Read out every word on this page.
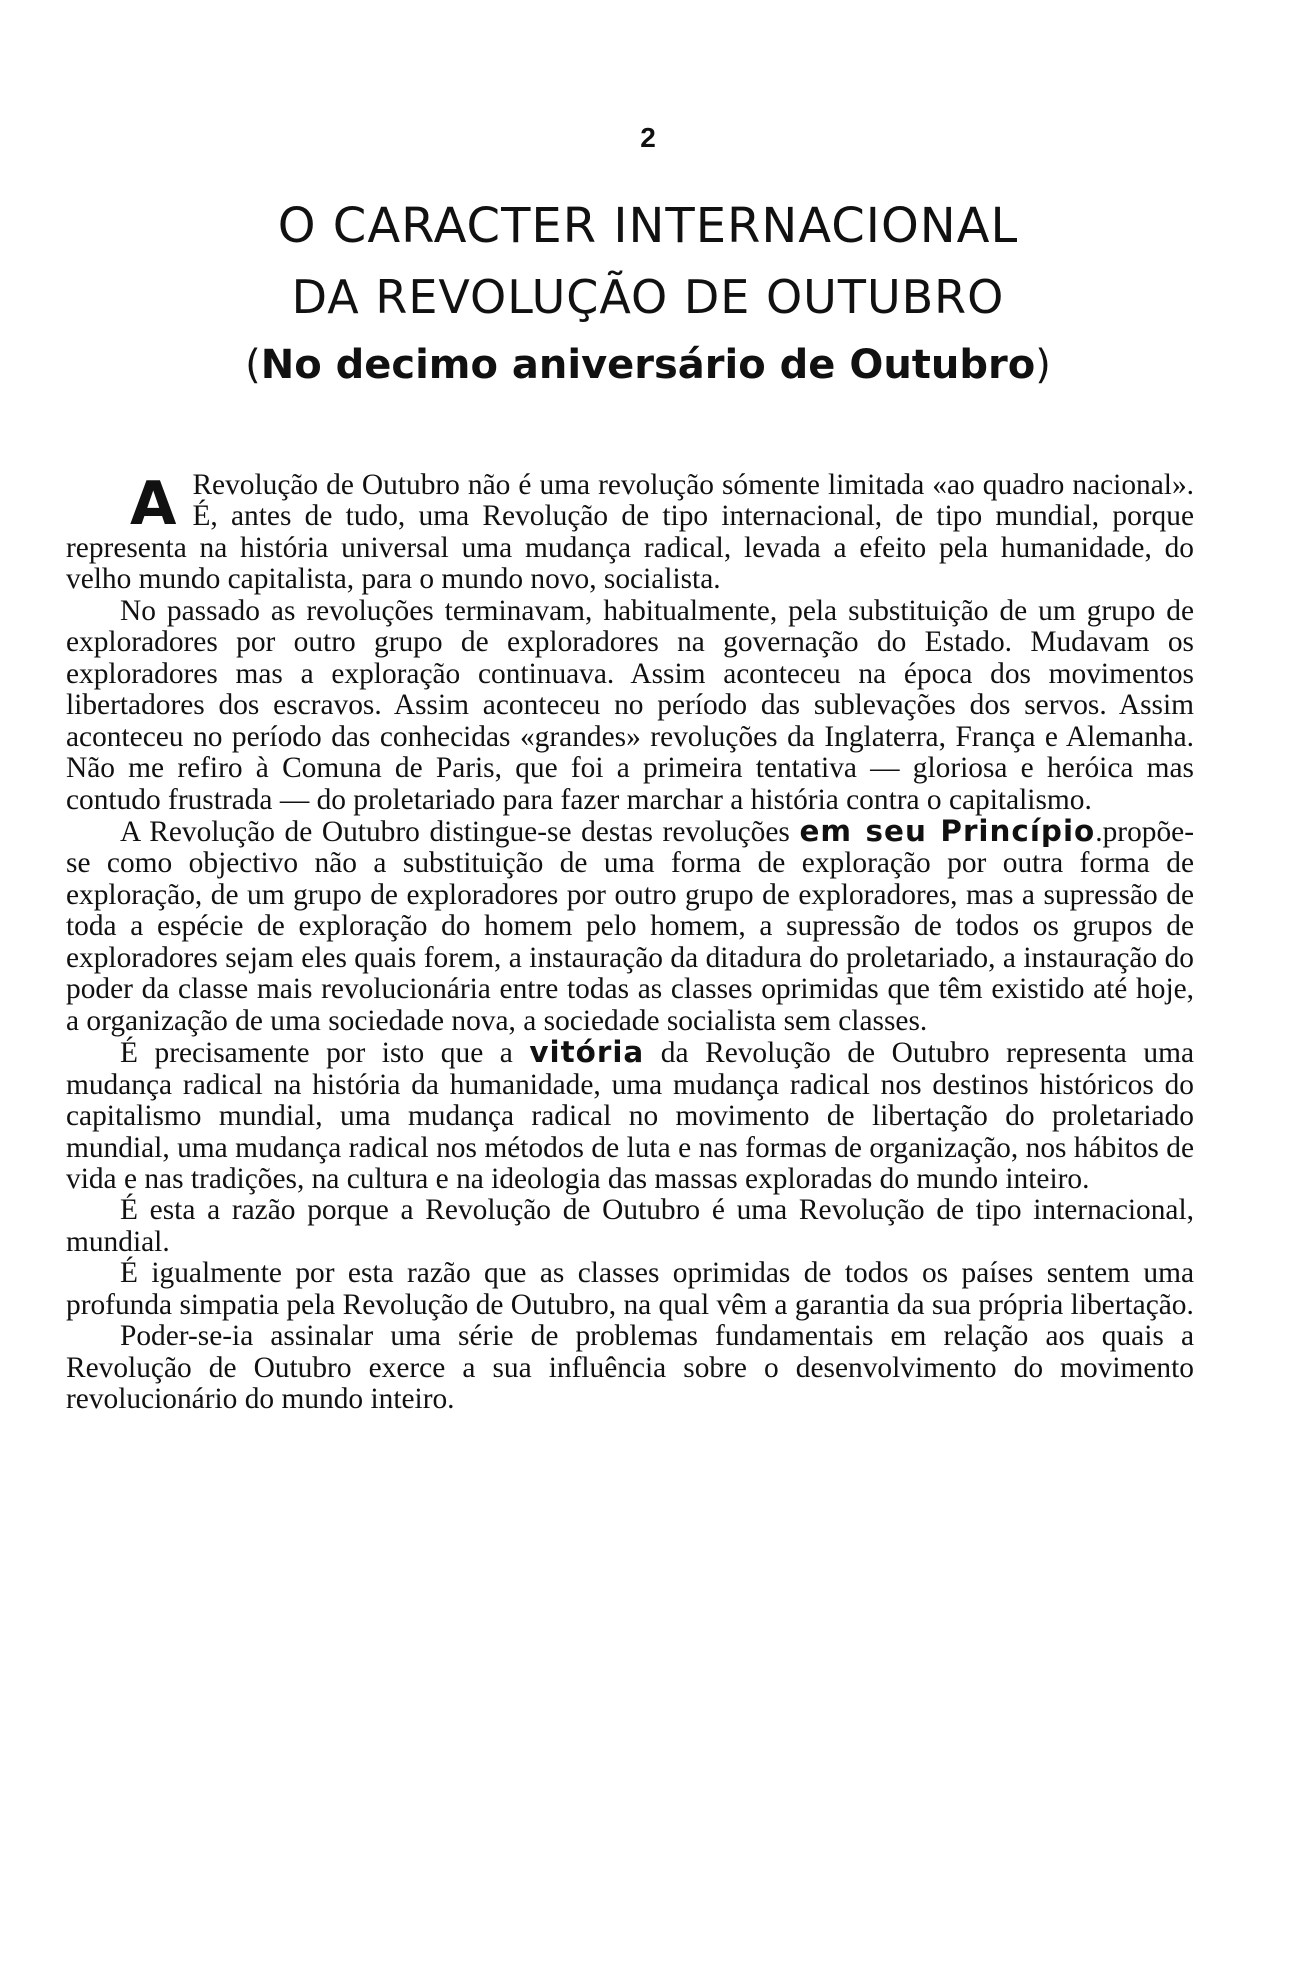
2
O CARACTER INTERNACIONAL
DA REVOLUÇÃO DE OUTUBRO
(No decimo aniversário de Outubro)

A Revolução de Outubro não é uma revolução sómente limitada «ao quadro nacional». É, antes de tudo, uma Revolução de tipo internacional, de tipo mundial, porque representa na história universal uma mudança radical, levada a efeito pela humanidade, do velho mundo capitalista, para o mundo novo, socialista.

No passado as revoluções terminavam, habitualmente, pela substituição de um grupo de exploradores por outro grupo de exploradores na governação do Estado. Mudavam os exploradores mas a exploração continuava. Assim aconteceu na época dos movimentos libertadores dos escravos. Assim aconteceu no período das sublevações dos servos. Assim aconteceu no período das conhecidas «grandes» revoluções da Inglaterra, França e Alemanha. Não me refiro à Comuna de Paris, que foi a primeira tentativa — gloriosa e heróica mas contudo frustrada — do proletariado para fazer marchar a história contra o capitalismo.

A Revolução de Outubro distingue-se destas revoluções em seu Princípio.propõe-se como objectivo não a substituição de uma forma de exploração por outra forma de exploração, de um grupo de exploradores por outro grupo de exploradores, mas a supressão de toda a espécie de exploração do homem pelo homem, a supressão de todos os grupos de exploradores sejam eles quais forem, a instauração da ditadura do proletariado, a instauração do poder da classe mais revolucionária entre todas as classes oprimidas que têm existido até hoje, a organização de uma sociedade nova, a sociedade socialista sem classes.

É precisamente por isto que a vitória da Revolução de Outubro representa uma mudança radical na história da humanidade, uma mudança radical nos destinos históricos do capitalismo mundial, uma mudança radical no movimento de libertação do proletariado mundial, uma mudança radical nos métodos de luta e nas formas de organização, nos hábitos de vida e nas tradições, na cultura e na ideologia das massas exploradas do mundo inteiro.

É esta a razão porque a Revolução de Outubro é uma Revolução de tipo internacional, mundial.

É igualmente por esta razão que as classes oprimidas de todos os países sentem uma profunda simpatia pela Revolução de Outubro, na qual vêm a garantia da sua própria libertação.

Poder-se-ia assinalar uma série de problemas fundamentais em relação aos quais a Revolução de Outubro exerce a sua influência sobre o desenvolvimento do movimento revolucionário do mundo inteiro.
